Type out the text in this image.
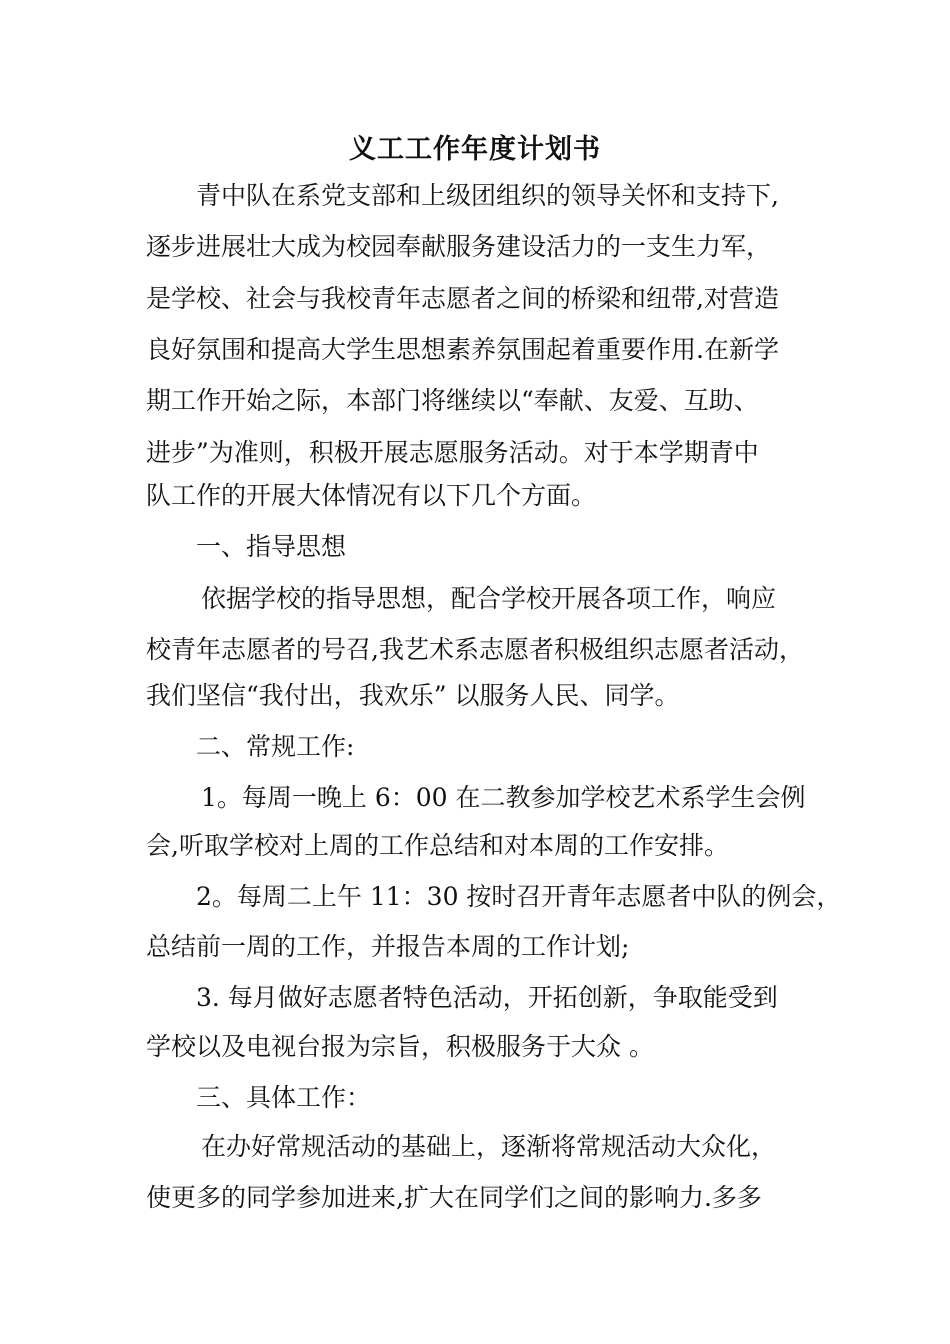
义工工作年度计划书
青中队在系党支部和上级团组织的领导关怀和支持下,
逐步进展壮大成为校园奉献服务建设活力的一支生力军，
是学校、社会与我校青年志愿者之间的桥梁和纽带,对营造
良好氛围和提高大学生思想素养氛围起着重要作用.在新学
期工作开始之际，本部门将继续以“奉献、友爱、互助、
进步”为准则，积极开展志愿服务活动。对于本学期青中
队工作的开展大体情况有以下几个方面。
一、指导思想
依据学校的指导思想，配合学校开展各项工作，响应
校青年志愿者的号召,我艺术系志愿者积极组织志愿者活动，
我们坚信“我付出，我欢乐” 以服务人民、同学。
二、常规工作:
1。每周一晚上 6：00 在二教参加学校艺术系学生会例
会,听取学校对上周的工作总结和对本周的工作安排。
2。每周二上午 11：30 按时召开青年志愿者中队的例会，
总结前一周的工作，并报告本周的工作计划;
3. 每月做好志愿者特色活动，开拓创新，争取能受到
学校以及电视台报为宗旨，积极服务于大众 。
三、具体工作：
在办好常规活动的基础上，逐渐将常规活动大众化，
使更多的同学参加进来,扩大在同学们之间的影响力.多多
